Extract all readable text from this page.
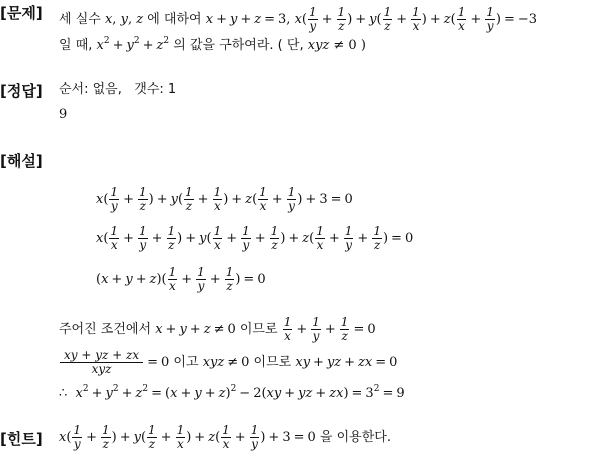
[문제] 세 실수 x, y, z 에 대하여 x + y + z = 3, $x( \frac{1}{y} + \frac{1}{z}$ ) + $y( \frac{1}{z} + \frac{1}{x}$ ) + $z( \frac{1}{x} + \frac{1}{y}$ ) = −3
일 때, $x^2 + y^2 + z^2$ 의 값을 구하여라. ( 단, xyz ≠ 0 )
[정답] 순서: 없음, 갯수: 1
9
[해설]
$x( \frac{1}{y} + \frac{1}{z}$ ) + $y( \frac{1}{z} + \frac{1}{x}$ ) + $z( \frac{1}{x} + \frac{1}{y}$ ) + 3 = 0
$x( \frac{1}{x} + \frac{1}{y} + \frac{1}{z}$ ) + $y( \frac{1}{x} + \frac{1}{y} + \frac{1}{z}$ ) + $z( \frac{1}{x} + \frac{1}{y} + \frac{1}{z}$ ) = 0
$(x + y + z)( \frac{1}{x} + \frac{1}{y} + \frac{1}{z}$ ) = 0
주어진 조건에서 x + y + z ≠ 0 이므로 $\frac{1}{x} + \frac{1}{y} + \frac{1}{z} = 0$
$\frac{xy + yz + zx}{\text{xyz}} = 0$ 이고 xyz ≠ 0 이므로 xy + yz + zx = 0
∴ $x^2 + y^2 + z^2 = (x + y + z)^2 - 2(xy$ + yz + $zx) = 3^2 = 9$
[힌트] $x( \frac{1}{y} + \frac{1}{z}$ ) + $y( \frac{1}{z} + \frac{1}{x}$ ) + $z( \frac{1}{x} + \frac{1}{y}$ ) + 3 = 0 을 이용한다.
